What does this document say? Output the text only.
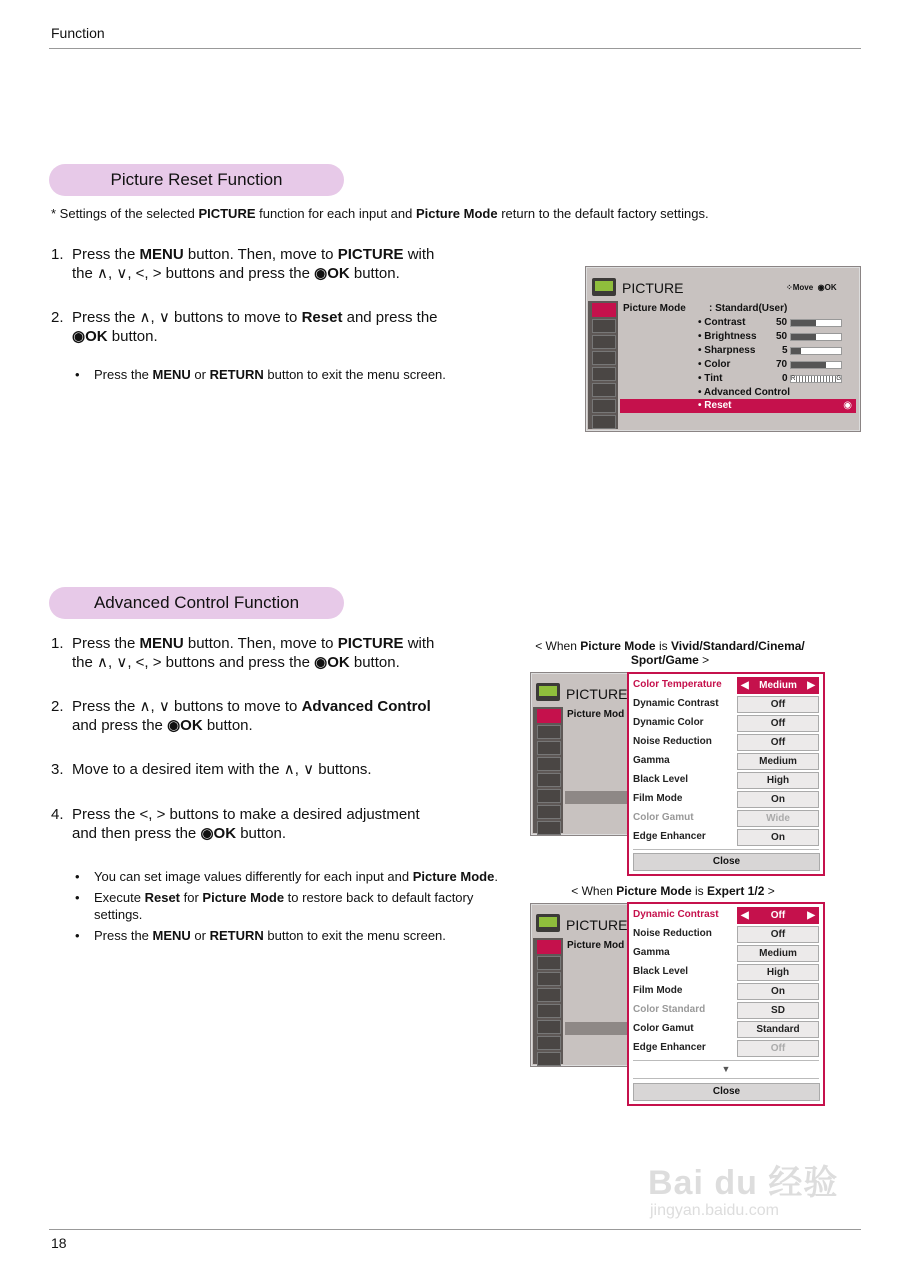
Function
Picture Reset Function
* Settings of the selected PICTURE function for each input and Picture Mode return to the default factory settings.
1. Press the MENU button. Then, move to PICTURE with
the ∧, ∨, <, > buttons and press the ◉OK button.
2. Press the ∧, ∨ buttons to move to Reset and press the
◉OK button.
• Press the MENU or RETURN button to exit the menu screen.
PICTURE	⁘Move ◉OK
Picture Mode : Standard(User)
• Contrast	50
• Brightness 50
• Sharpness	5
• Color	70
• Tint	0 R	G
• Advanced Control
• Reset	◉
Advanced Control Function
1. Press the MENU button. Then, move to PICTURE with
the ∧, ∨, <, > buttons and press the ◉OK button.
2. Press the ∧, ∨ buttons to move to Advanced Control
and press the ◉OK button.
3. Move to a desired item with the ∧, ∨ buttons.
4. Press the <, > buttons to make a desired adjustment
and then press the ◉OK button.
• You can set image values differently for each input and Picture Mode.
• Execute Reset for Picture Mode to restore back to default factory
settings.
• Press the MENU or RETURN button to exit the menu screen.
< When Picture Mode is Vivid/Standard/Cinema/
Sport/Game >
PICTURE
Picture Mod
Color Temperature ◀ Medium ▶
Dynamic Contrast	Off
Dynamic Color	Off
Noise Reduction	Off
Gamma	Medium
Black Level	High
Film Mode	On
Color Gamut	Wide
Edge Enhancer	On
Close
< When Picture Mode is Expert 1/2 >
PICTURE
Picture Mod
Dynamic Contrast ◀ Off ▶
Noise Reduction	Off
Gamma	Medium
Black Level	High
Film Mode	On
Color Standard	SD
Color Gamut	Standard
Edge Enhancer	Off
▼
Close
Bai du 经验
jingyan.baidu.com
18
